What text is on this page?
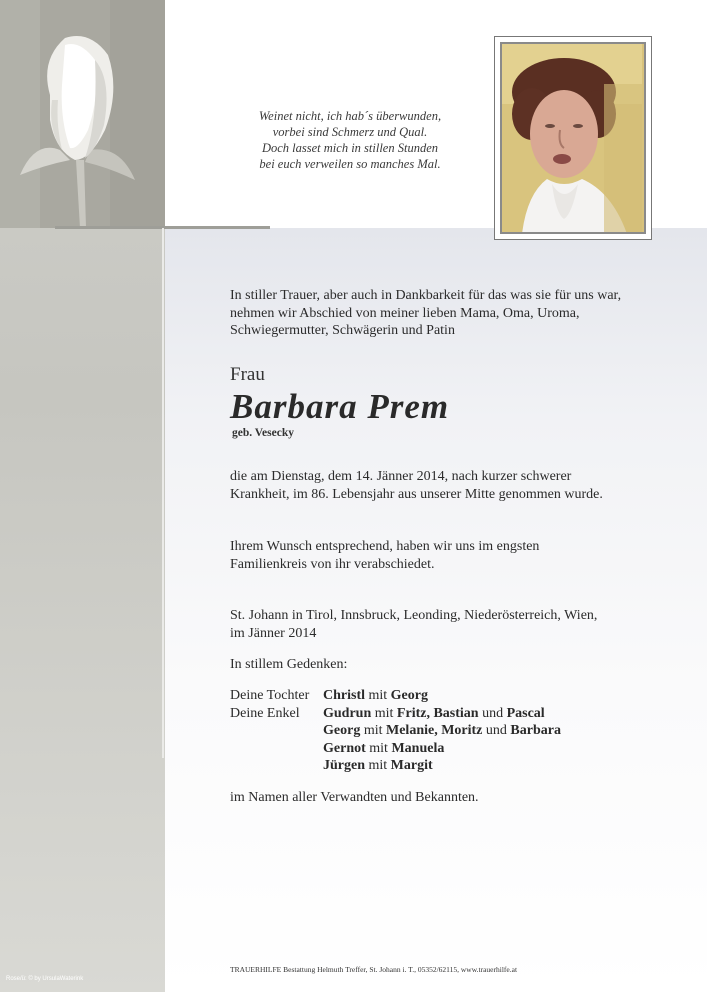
Weinet nicht, ich hab´s überwunden,
vorbei sind Schmerz und Qual.
Doch lasset mich in stillen Stunden
bei euch verweilen so manches Mal.
In stiller Trauer, aber auch in Dankbarkeit für das was sie für uns war,
nehmen wir Abschied von meiner lieben Mama, Oma, Uroma,
Schwiegermutter, Schwägerin und Patin
Frau
Barbara Prem
geb. Vesecky
die am Dienstag, dem 14. Jänner 2014, nach kurzer schwerer
Krankheit, im 86. Lebensjahr aus unserer Mitte genommen wurde.
Ihrem Wunsch entsprechend, haben wir uns im engsten
Familienkreis von ihr verabschiedet.
St. Johann in Tirol, Innsbruck, Leonding, Niederösterreich, Wien,
im Jänner 2014
In stillem Gedenken:
Deine Tochter Christl mit Georg
Deine Enkel	Gudrun mit Fritz, Bastian und Pascal
Georg mit Melanie, Moritz und Barbara
Gernot mit Manuela
Jürgen mit Margit
im Namen aller Verwandten und Bekannten.
TRAUERHILFE Bestattung Helmuth Treffer, St. Johann i. T., 05352/62115, www.trauerhilfe.at
Rose/ü: © by UrsulaWaterink
